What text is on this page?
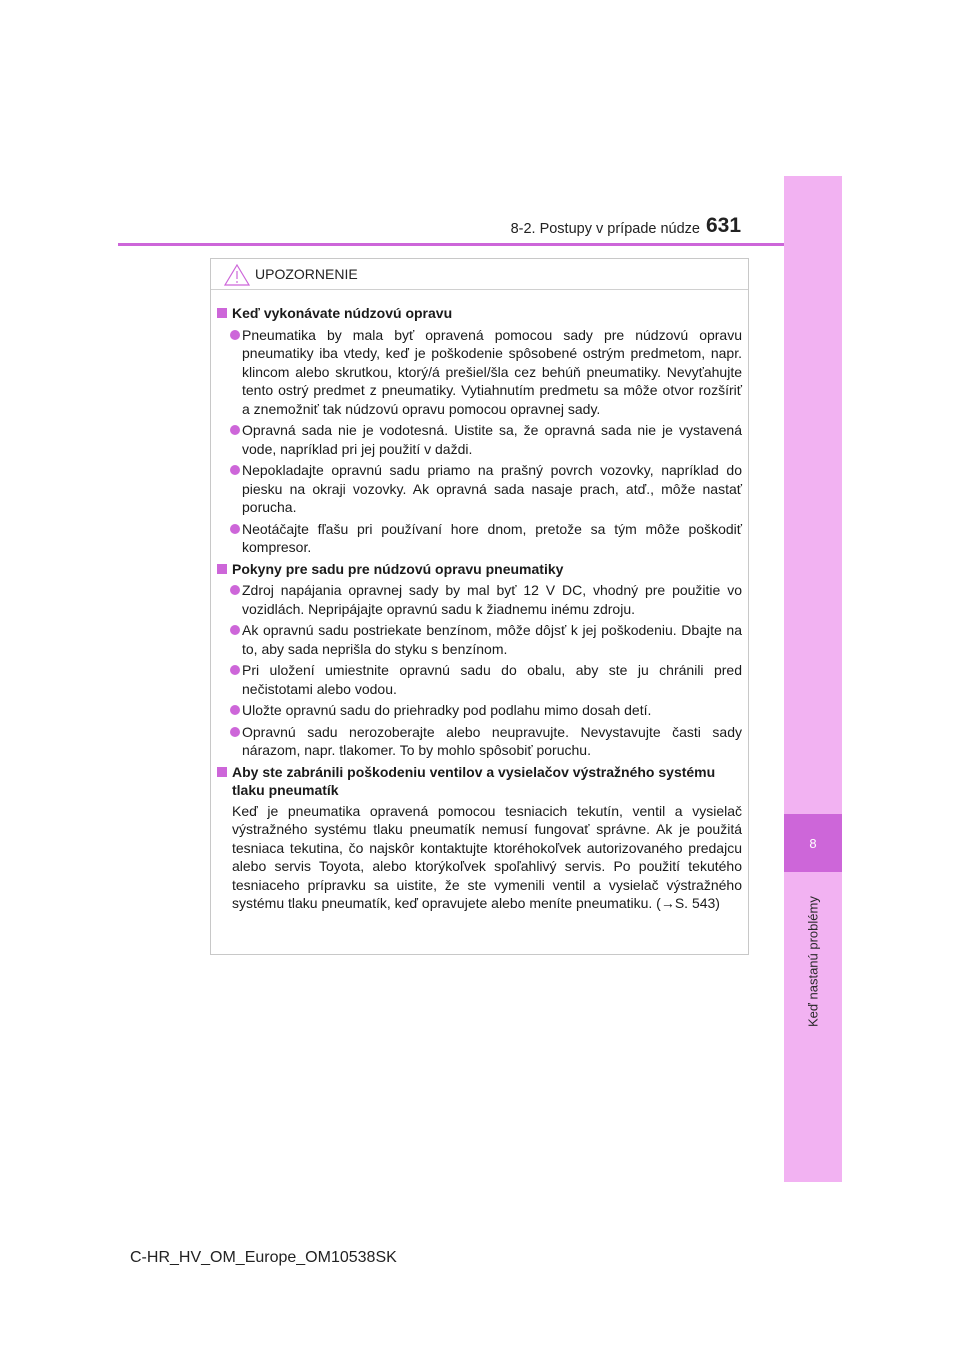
8
Keď nastanú problémy
8-2. Postupy v prípade núdze 631
UPOZORNENIE
Keď vykonávate núdzovú opravu
Pneumatika by mala byť opravená pomocou sady pre núdzovú opravu pneumatiky iba vtedy, keď je poškodenie spôsobené ostrým predmetom, napr. klincom alebo skrutkou, ktorý/á prešiel/šla cez behúň pneumatiky. Nevyťahujte tento ostrý predmet z pneumatiky. Vytiahnutím predmetu sa môže otvor rozšíriť a znemožniť tak núdzovú opravu pomocou opravnej sady.
Opravná sada nie je vodotesná. Uistite sa, že opravná sada nie je vystavená vode, napríklad pri jej použití v daždi.
Nepokladajte opravnú sadu priamo na prašný povrch vozovky, napríklad do piesku na okraji vozovky. Ak opravná sada nasaje prach, atď., môže nastať porucha.
Neotáčajte fľašu pri používaní hore dnom, pretože sa tým môže poškodiť kompresor.
Pokyny pre sadu pre núdzovú opravu pneumatiky
Zdroj napájania opravnej sady by mal byť 12 V DC, vhodný pre použitie vo vozidlách. Nepripájajte opravnú sadu k žiadnemu inému zdroju.
Ak opravnú sadu postriekate benzínom, môže dôjsť k jej poškodeniu. Dbajte na to, aby sada neprišla do styku s benzínom.
Pri uložení umiestnite opravnú sadu do obalu, aby ste ju chránili pred nečistotami alebo vodou.
Uložte opravnú sadu do priehradky pod podlahu mimo dosah detí.
Opravnú sadu nerozoberajte alebo neupravujte. Nevystavujte časti sady nárazom, napr. tlakomer. To by mohlo spôsobiť poruchu.
Aby ste zabránili poškodeniu ventilov a vysielačov výstražného systému tlaku pneumatík
Keď je pneumatika opravená pomocou tesniacich tekutín, ventil a vysielač výstražného systému tlaku pneumatík nemusí fungovať správne. Ak je použitá tesniaca tekutina, čo najskôr kontaktujte ktoréhokoľvek autorizovaného predajcu alebo servis Toyota, alebo ktorýkoľvek spoľahlivý servis. Po použití tekutého tesniaceho prípravku sa uistite, že ste vymenili ventil a vysielač výstražného systému tlaku pneumatík, keď opravujete alebo meníte pneumatiku. (→S. 543)
C-HR_HV_OM_Europe_OM10538SK
